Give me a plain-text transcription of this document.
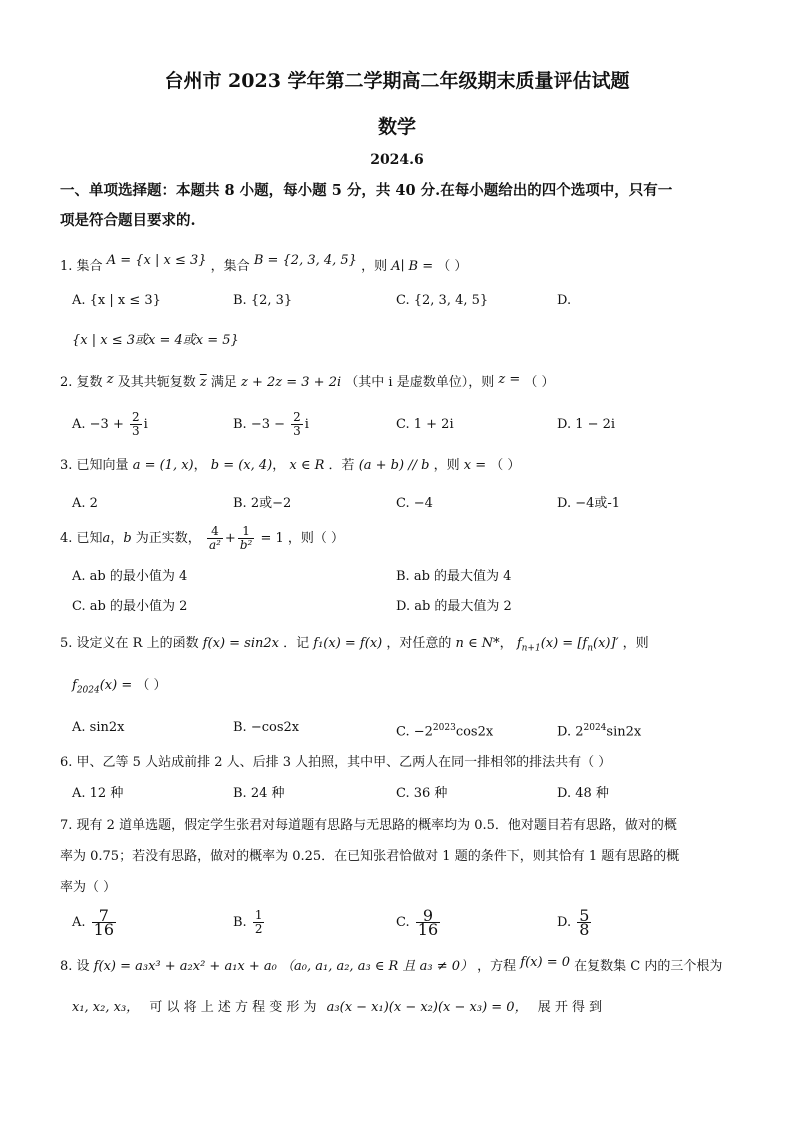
台州市 2023 学年第二学期高二年级期末质量评估试题
数学
2024.6
一、单项选择题：本题共 8 小题，每小题 5 分，共 40 分.在每小题给出的四个选项中，只有一
项是符合题目要求的.
1. 集合 A = {x | x ≤ 3} ，集合 B = {2, 3, 4, 5} ，则 A∣ B = （ ）
A. {x | x ≤ 3}	B. {2, 3}	C. {2, 3, 4, 5}	D.
{x | x ≤ 3或x = 4或x = 5}
2. 复数 z 及其共轭复数 $\overline{z}$ 满足 z + 2z = 3 + 2i （其中 i 是虚数单位），则 z = （ ）
A. $-3 + \frac{2}{3}$ i	B. $-3 - \frac{2}{3}$ i	C. 1 + 2i	D. 1 − 2i
3. 已知向量 a = (1, x)， b = (x, 4)， x ∈ R ．若 (a + b) // b ，则 x = （ ）
A. 2	B. 2或−2	C. −4	D. −4或-1
4. 已知a，b 为正实数， $\frac{4}{\text{a²}} + \frac{1}{\text{b²}} = 1$ ，则（ ）
A. ab 的最小值为 4	B. ab 的最大值为 4
C. ab 的最小值为 2	D. ab 的最大值为 2
5. 设定义在 R 上的函数 f(x) = sin2x ．记 f₁(x) = f(x) ，对任意的 n ∈ N*， $f_{n+1}(x) = [f_n(x)]'$ ，则
$f_{2024}(x)$ = （ ）
A. sin2x	B. −cos2x	C. $-2^{2023}\cos 2x$	D. $2^{2024}\sin 2x$
6. 甲、乙等 5 人站成前排 2 人、后排 3 人拍照，其中甲、乙两人在同一排相邻的排法共有（ ）
A. 12 种	B. 24 种	C. 36 种	D. 48 种
7. 现有 2 道单选题，假定学生张君对每道题有思路与无思路的概率均为 0.5．他对题目若有思路，做对的概
率为 0.75；若没有思路，做对的概率为 0.25．在已知张君恰做对 1 题的条件下，则其恰有 1 题有思路的概
率为（ ）
A. $\frac{7}{16}$	B. $\frac{1}{2}$	C. $\frac{9}{16}$	D. $\frac{5}{8}$
8. 设 f(x) = a₃x³ + a₂x² + a₁x + a₀ （a₀, a₁, a₂, a₃ ∈ R 且 a₃ ≠ 0） ，方程 f(x) = 0 在复数集 C 内的三个根为
x₁, x₂, x₃， 可 以 将 上 述 方 程 变 形 为 a₃(x − x₁)(x − x₂)(x − x₃) = 0， 展 开 得 到
